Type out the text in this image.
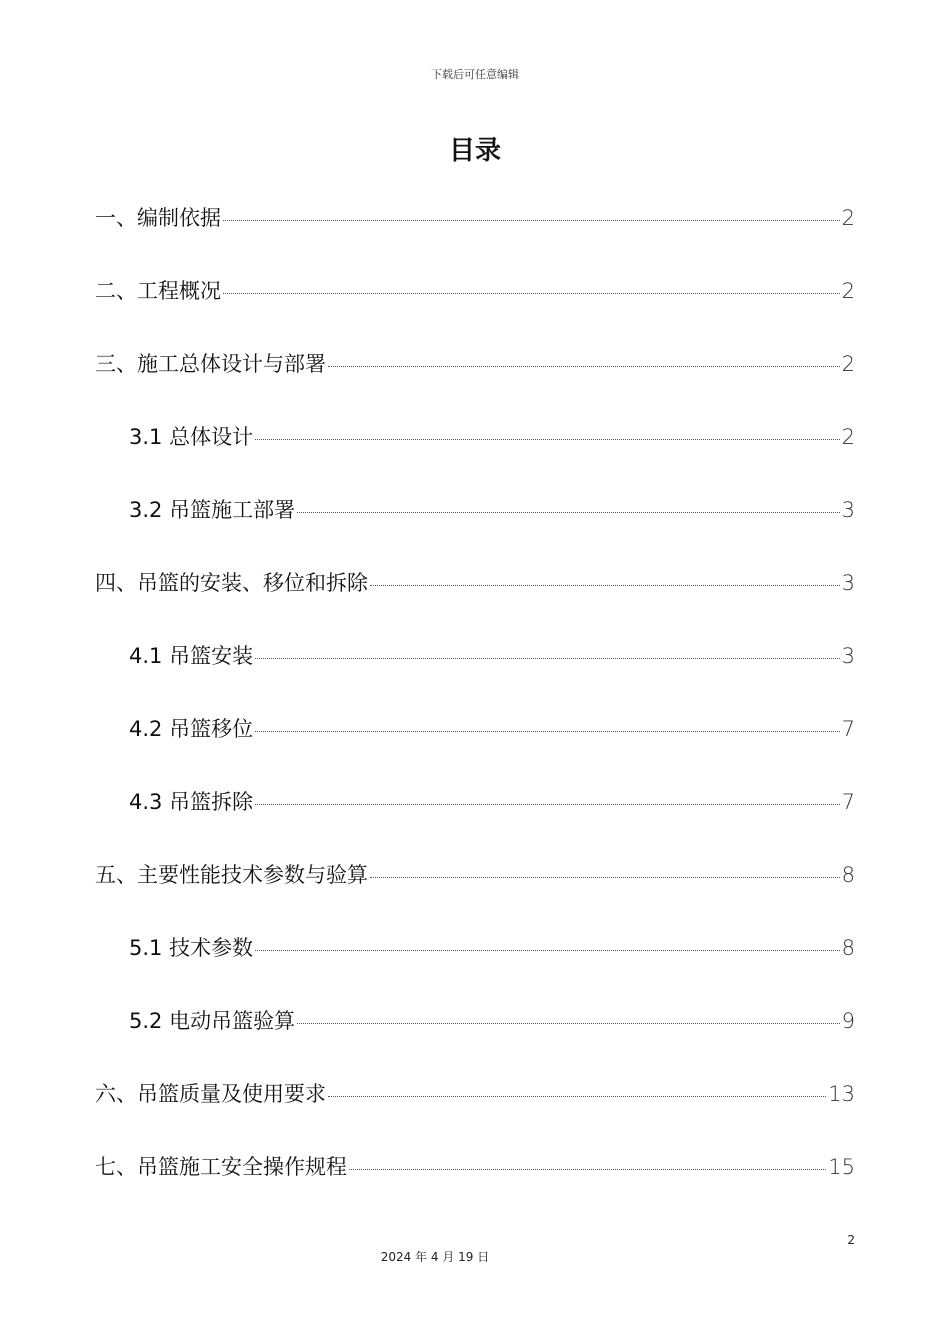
下载后可任意编辑
目录
一、编制依据	2
二、工程概况	2
三、施工总体设计与部署	2
3.1 总体设计	2
3.2 吊篮施工部署	3
四、吊篮的安装、移位和拆除	3
4.1 吊篮安装	3
4.2 吊篮移位	7
4.3 吊篮拆除	7
五、主要性能技术参数与验算	8
5.1 技术参数	8
5.2 电动吊篮验算	9
六、吊篮质量及使用要求	13
七、吊篮施工安全操作规程	15
2
2024 年 4 月 19 日
